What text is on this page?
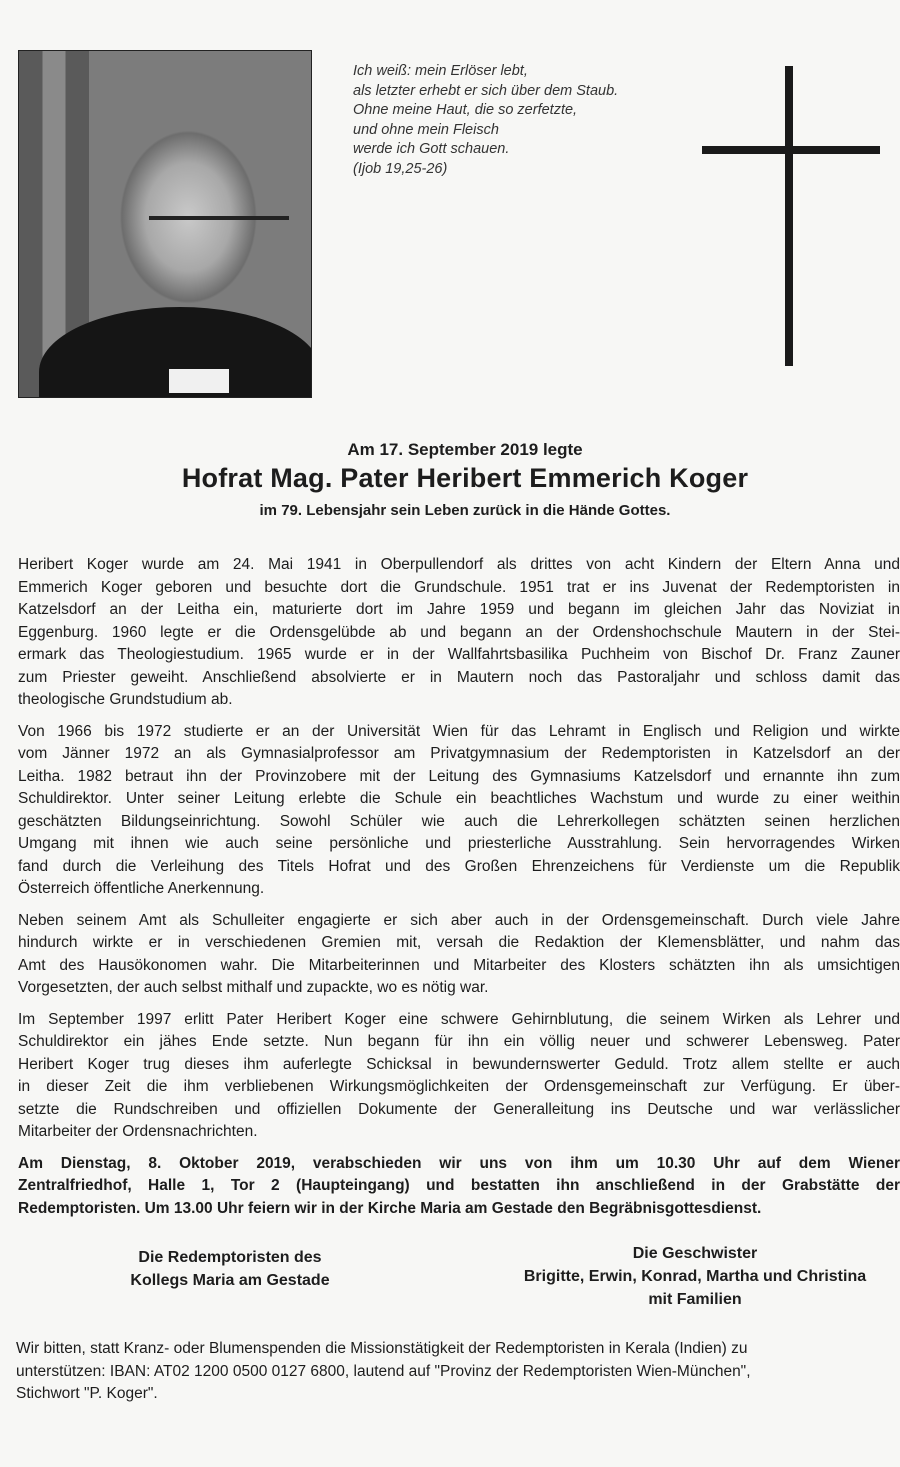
Ich weiß: mein Erlöser lebt,
als letzter erhebt er sich über dem Staub.
Ohne meine Haut, die so zerfetzte,
und ohne mein Fleisch
werde ich Gott schauen.
(Ijob 19,25-26)
Am 17. September 2019 legte
Hofrat Mag. Pater Heribert Emmerich Koger
im 79. Lebensjahr sein Leben zurück in die Hände Gottes.

Heribert Koger wurde am 24. Mai 1941 in Oberpullendorf als drittes von acht Kindern der Eltern Anna und
Emmerich Koger geboren und besuchte dort die Grundschule. 1951 trat er ins Juvenat der Redemptoristen in
Katzelsdorf an der Leitha ein, maturierte dort im Jahre 1959 und begann im gleichen Jahr das Noviziat in
Eggenburg. 1960 legte er die Ordensgelübde ab und begann an der Ordenshochschule Mautern in der Stei-
ermark das Theologiestudium. 1965 wurde er in der Wallfahrtsbasilika Puchheim von Bischof Dr. Franz Zauner
zum Priester geweiht. Anschließend absolvierte er in Mautern noch das Pastoraljahr und schloss damit das
theologische Grundstudium ab.

Von 1966 bis 1972 studierte er an der Universität Wien für das Lehramt in Englisch und Religion und wirkte
vom Jänner 1972 an als Gymnasialprofessor am Privatgymnasium der Redemptoristen in Katzelsdorf an der
Leitha. 1982 betraut ihn der Provinzobere mit der Leitung des Gymnasiums Katzelsdorf und ernannte ihn zum
Schuldirektor. Unter seiner Leitung erlebte die Schule ein beachtliches Wachstum und wurde zu einer weithin
geschätzten Bildungseinrichtung. Sowohl Schüler wie auch die Lehrerkollegen schätzten seinen herzlichen
Umgang mit ihnen wie auch seine persönliche und priesterliche Ausstrahlung. Sein hervorragendes Wirken
fand durch die Verleihung des Titels Hofrat und des Großen Ehrenzeichens für Verdienste um die Republik
Österreich öffentliche Anerkennung.

Neben seinem Amt als Schulleiter engagierte er sich aber auch in der Ordensgemeinschaft. Durch viele Jahre
hindurch wirkte er in verschiedenen Gremien mit, versah die Redaktion der Klemensblätter, und nahm das
Amt des Hausökonomen wahr. Die Mitarbeiterinnen und Mitarbeiter des Klosters schätzten ihn als umsichtigen
Vorgesetzten, der auch selbst mithalf und zupackte, wo es nötig war.

Im September 1997 erlitt Pater Heribert Koger eine schwere Gehirnblutung, die seinem Wirken als Lehrer und
Schuldirektor ein jähes Ende setzte. Nun begann für ihn ein völlig neuer und schwerer Lebensweg. Pater
Heribert Koger trug dieses ihm auferlegte Schicksal in bewundernswerter Geduld. Trotz allem stellte er auch
in dieser Zeit die ihm verbliebenen Wirkungsmöglichkeiten der Ordensgemeinschaft zur Verfügung. Er über-
setzte die Rundschreiben und offiziellen Dokumente der Generalleitung ins Deutsche und war verlässlicher
Mitarbeiter der Ordensnachrichten.

Am Dienstag, 8. Oktober 2019, verabschieden wir uns von ihm um 10.30 Uhr auf dem Wiener
Zentralfriedhof, Halle 1, Tor 2 (Haupteingang) und bestatten ihn anschließend in der Grabstätte der
Redemptoristen. Um 13.00 Uhr feiern wir in der Kirche Maria am Gestade den Begräbnisgottesdienst.

Die Redemptoristen des
Kollegs Maria am Gestade
Die Geschwister
Brigitte, Erwin, Konrad, Martha und Christina
mit Familien
Wir bitten, statt Kranz- oder Blumenspenden die Missionstätigkeit der Redemptoristen in Kerala (Indien) zu
unterstützen: IBAN: AT02 1200 0500 0127 6800, lautend auf "Provinz der Redemptoristen Wien-München",
Stichwort "P. Koger".
